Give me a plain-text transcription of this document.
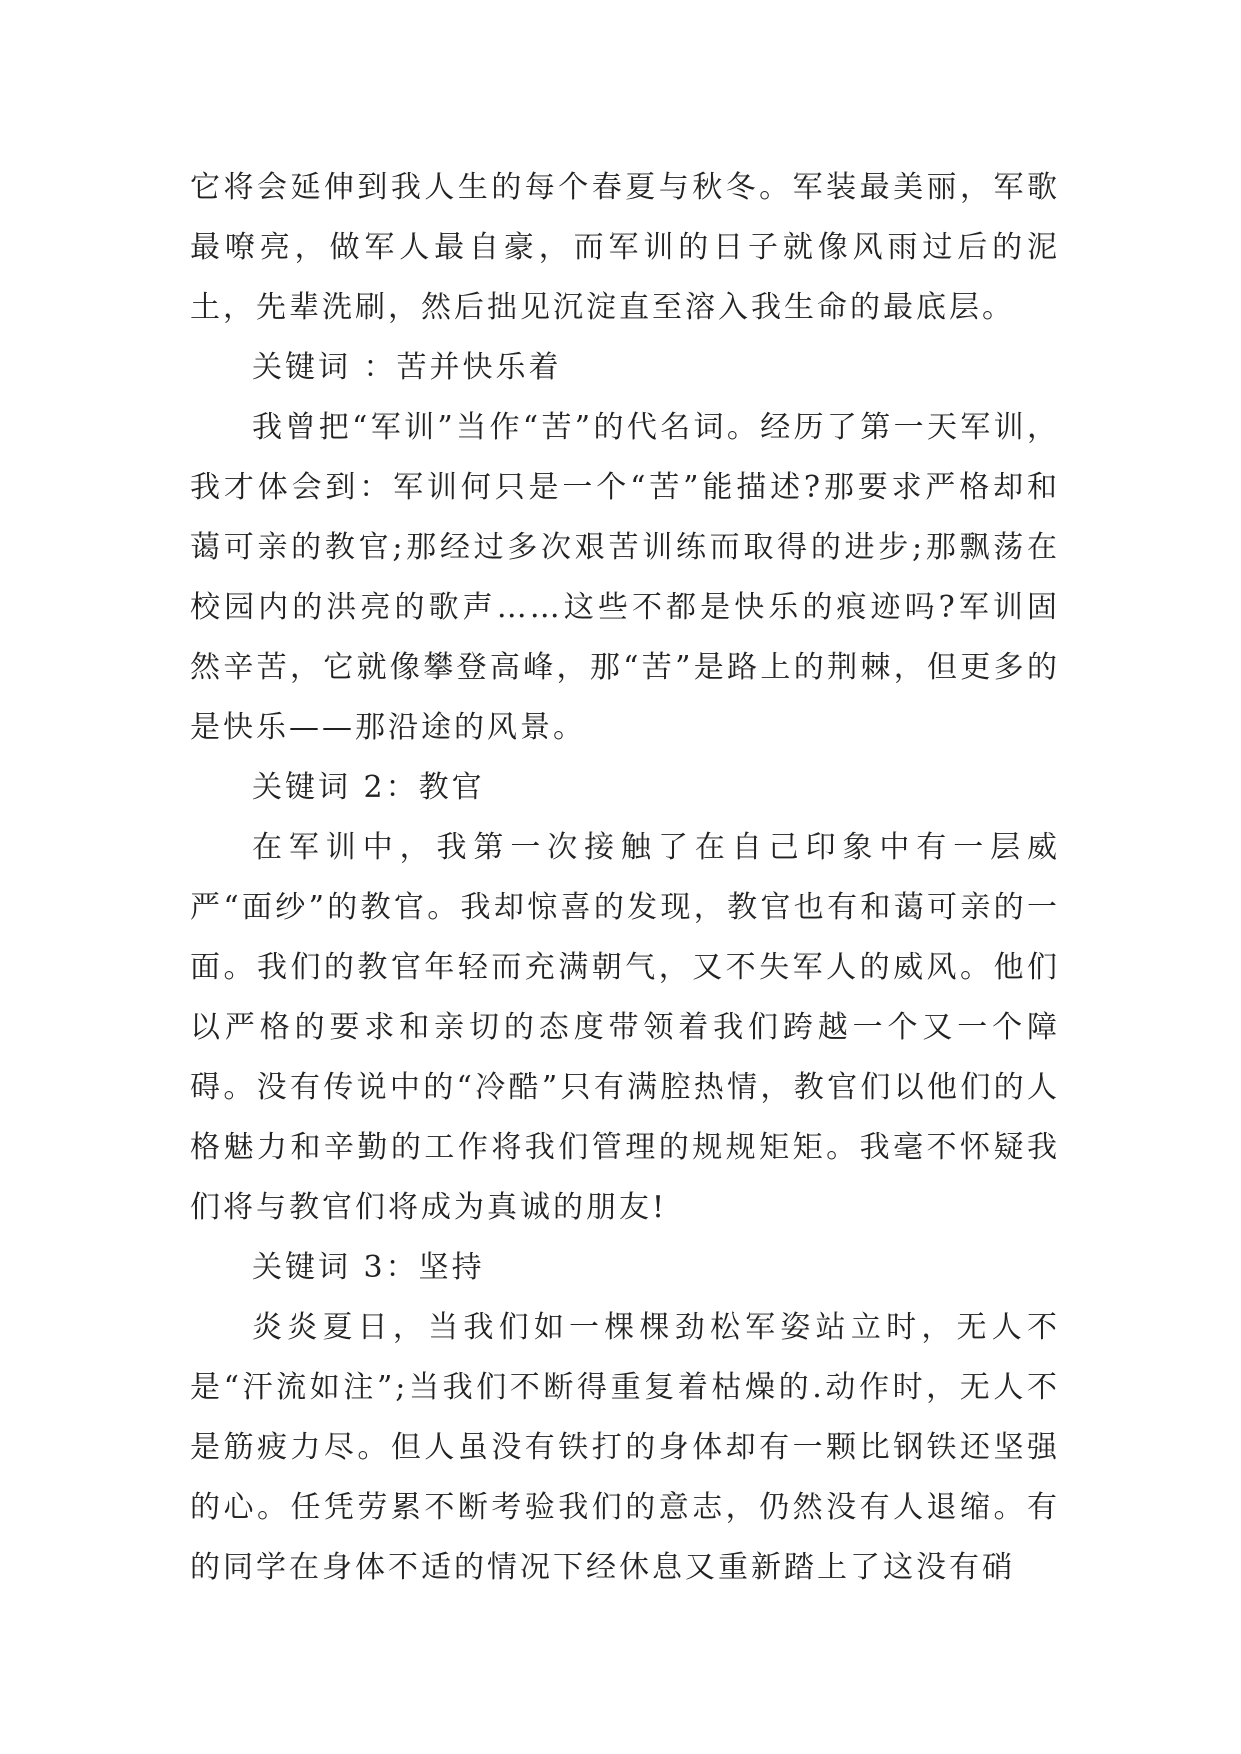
它将会延伸到我人生的每个春夏与秋冬。军装最美丽，军歌最嘹亮，做军人最自豪，而军训的日子就像风雨过后的泥土，先辈洗刷，然后拙见沉淀直至溶入我生命的最底层。

关键词 ：苦并快乐着

我曾把“军训”当作“苦”的代名词。经历了第一天军训，我才体会到：军训何只是一个“苦”能描述?那要求严格却和蔼可亲的教官;那经过多次艰苦训练而取得的进步;那飘荡在校园内的洪亮的歌声……这些不都是快乐的痕迹吗?军训固然辛苦，它就像攀登高峰，那“苦”是路上的荆棘，但更多的是快乐——那沿途的风景。

关键词 2：教官

在军训中，我第一次接触了在自己印象中有一层威严“面纱”的教官。我却惊喜的发现，教官也有和蔼可亲的一面。我们的教官年轻而充满朝气，又不失军人的威风。他们以严格的要求和亲切的态度带领着我们跨越一个又一个障碍。没有传说中的“冷酷”只有满腔热情，教官们以他们的人格魅力和辛勤的工作将我们管理的规规矩矩。我毫不怀疑我们将与教官们将成为真诚的朋友!

关键词 3：坚持

炎炎夏日，当我们如一棵棵劲松军姿站立时，无人不是“汗流如注”;当我们不断得重复着枯燥的.动作时，无人不是筋疲力尽。但人虽没有铁打的身体却有一颗比钢铁还坚强的心。任凭劳累不断考验我们的意志，仍然没有人退缩。有的同学在身体不适的情况下经休息又重新踏上了这没有硝
